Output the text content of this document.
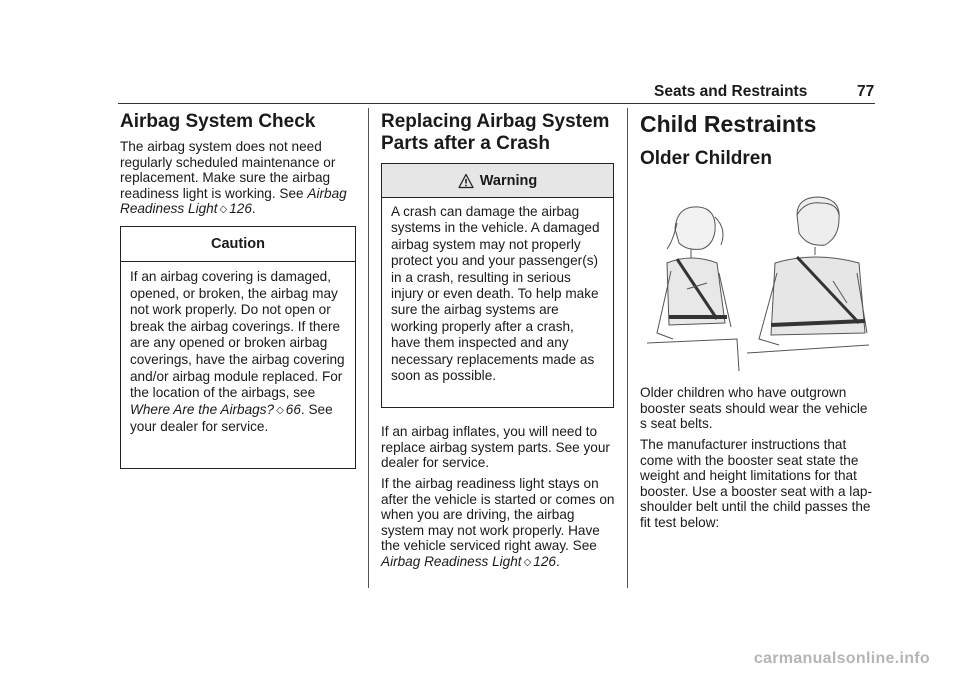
Seats and Restraints	77
Airbag System Check

The airbag system does not need regularly scheduled maintenance or replacement. Make sure the airbag readiness light is working. See Airbag Readiness Light ◇ 126.

Caution
If an airbag covering is damaged, opened, or broken, the airbag may not work properly. Do not open or break the airbag coverings. If there are any opened or broken airbag coverings, have the airbag covering and/or airbag module replaced. For the location of the airbags, see Where Are the Airbags? ◇ 66. See your dealer for service.
Replacing Airbag System Parts after a Crash
Warning
A crash can damage the airbag systems in the vehicle. A damaged airbag system may not properly protect you and your passenger(s) in a crash, resulting in serious injury or even death. To help make sure the airbag systems are working properly after a crash, have them inspected and any necessary replacements made as soon as possible.

If an airbag inflates, you will need to replace airbag system parts. See your dealer for service.

If the airbag readiness light stays on after the vehicle is started or comes on when you are driving, the airbag system may not work properly. Have the vehicle serviced right away. See Airbag Readiness Light ◇ 126.

Child Restraints
Older Children

Older children who have outgrown booster seats should wear the vehicle s seat belts.

The manufacturer instructions that come with the booster seat state the weight and height limitations for that booster. Use a booster seat with a lap-shoulder belt until the child passes the fit test below:

carmanualsonline.info
